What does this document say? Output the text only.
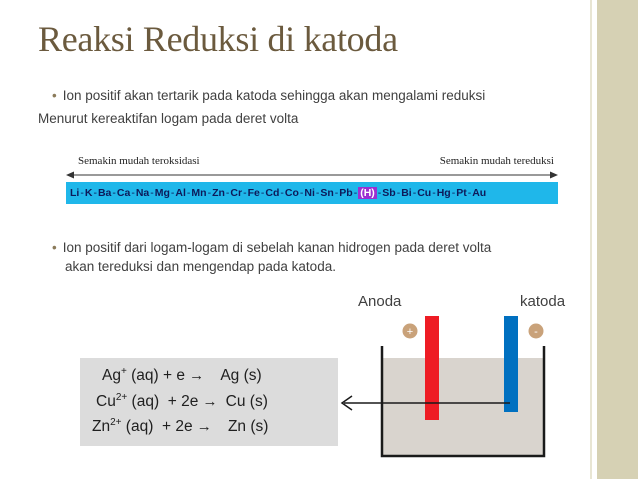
Reaksi Reduksi di katoda
• Ion positif akan tertarik pada katoda sehingga akan mengalami reduksi
Menurut kereaktifan logam pada deret volta
Semakin mudah teroksidasi	Semakin mudah tereduksi
Li - K - Ba - Ca - Na - Mg - Al - Mn - Zn - Cr - Fe - Cd - Co - Ni - Sn - Pb - (H) - Sb - Bi - Cu - Hg - Pt - Au
• Ion positif dari logam-logam di sebelah kanan hidrogen pada deret volta
akan tereduksi dan mengendap pada katoda.
Anoda	katoda
+	-
Ag+ (aq) + e → Ag (s)
$Cu^{2+}$ (aq)  + 2e → Cu (s)
$Zn^{2+}$ (aq)  + 2e → Zn (s)
